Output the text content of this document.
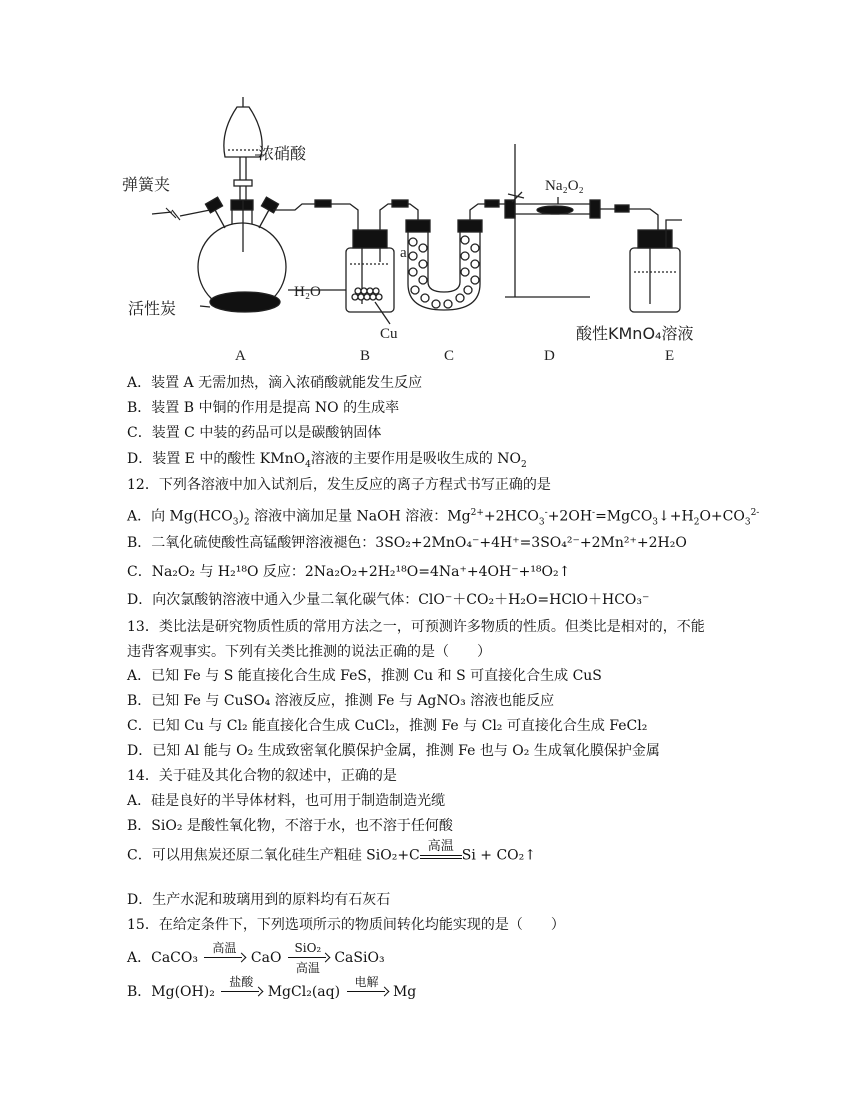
浓硝酸
弹簧夹
活性炭
H₂O
Cu
a
Na₂O₂
酸性KMnO₄溶液
A	B	C	D	E
A．装置 A 无需加热，滴入浓硝酸就能发生反应
B．装置 B 中铜的作用是提高 NO 的生成率
C．装置 C 中装的药品可以是碳酸钠固体
D．装置 E 中的酸性 KMnO$_4$溶液的主要作用是吸收生成的 $NO_2$
12．下列各溶液中加入试剂后，发生反应的离子方程式书写正确的是
A．向 $Mg(HCO_3)_2$ 溶液中滴加足量 NaOH 溶液：$Mg^{2+}+2HCO_3^-+2OH^-=MgCO_3↓+H_2O+CO_3^{2-}$
B．二氧化硫使酸性高锰酸钾溶液褪色：3SO₂+2MnO₄⁻+4H⁺=3SO₄²⁻+2Mn²⁺+2H₂O
C．Na₂O₂ 与 H₂¹⁸O 反应：2Na₂O₂+2H₂¹⁸O=4Na⁺+4OH⁻+¹⁸O₂↑
D．向次氯酸钠溶液中通入少量二氧化碳气体：ClO⁻＋CO₂＋H₂O=HClO＋HCO₃⁻
13．类比法是研究物质性质的常用方法之一，可预测许多物质的性质。但类比是相对的，不能
违背客观事实。下列有关类比推测的说法正确的是（　　）
A．已知 Fe 与 S 能直接化合生成 FeS，推测 Cu 和 S 可直接化合生成 CuS
B．已知 Fe 与 CuSO₄ 溶液反应，推测 Fe 与 AgNO₃ 溶液也能反应
C．已知 Cu 与 Cl₂ 能直接化合生成 CuCl₂，推测 Fe 与 Cl₂ 可直接化合生成 FeCl₂
D．已知 Al 能与 O₂ 生成致密氧化膜保护金属，推测 Fe 也与 O₂ 生成氧化膜保护金属
14．关于硅及其化合物的叙述中，正确的是
A．硅是良好的半导体材料，也可用于制造制造光缆
B．SiO₂ 是酸性氧化物，不溶于水，也不溶于任何酸
C．可以用焦炭还原二氧化硅生产粗硅 SiO₂+C
高温
Si + CO₂↑
D．生产水泥和玻璃用到的原料均有石灰石
15．在给定条件下，下列选项所示的物质间转化均能实现的是（　　）
A．CaCO₃
高温

CaO
SiO₂
高温
CaSiO₃
B．Mg(OH)₂
盐酸

MgCl₂(aq)
电解

Mg
